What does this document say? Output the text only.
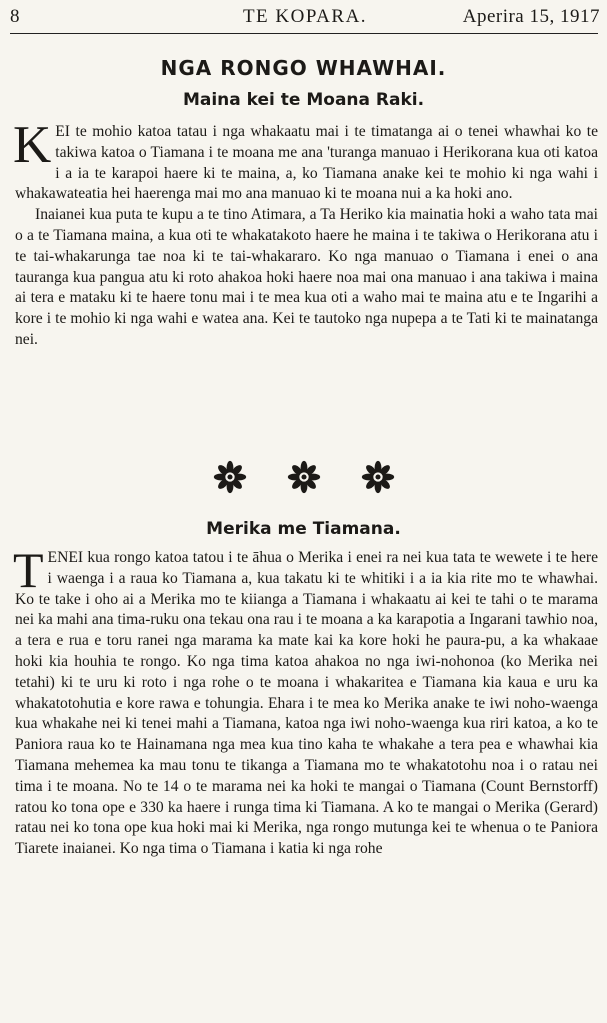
8	TE KOPARA.	Aperira 15, 1917
NGA RONGO WHAWHAI.
Maina kei te Moana Raki.

KEI te mohio katoa tatau i nga whakaatu mai i te timatanga ai o tenei whawhai ko te takiwa katoa o Tiamana i te moana me ana 'turanga manuao i Herikorana kua oti katoa i a ia te karapoi haere ki te maina, a, ko Tiamana anake kei te mohio ki nga wahi i whakawateatia hei haerenga mai mo ana manuao ki te moana nui a ka hoki ano.

Inaianei kua puta te kupu a te tino Atimara, a Ta Heriko kia mainatia hoki a waho tata mai o a te Tiamana maina, a kua oti te whakatakoto haere he maina i te takiwa o Herikorana atu i te tai-whakarunga tae noa ki te tai-whakararo. Ko nga manuao o Tiamana i enei o ana tauranga kua pangua atu ki roto ahakoa hoki haere noa mai ona manuao i ana takiwa i maina ai tera e mataku ki te haere tonu mai i te mea kua oti a waho mai te maina atu e te Ingarihi a kore i te mohio ki nga wahi e watea ana. Kei te tautoko nga nupepa a te Tati ki te mainatanga nei.

Merika me Tiamana.

TENEI kua rongo katoa tatou i te āhua o Merika i enei ra nei kua tata te wewete i te here i waenga i a raua ko Tiamana a, kua takatu ki te whitiki i a ia kia rite mo te whawhai. Ko te take i oho ai a Merika mo te kiianga a Tiamana i whakaatu ai kei te tahi o te marama nei ka mahi ana tima-ruku ona tekau ona rau i te moana a ka karapotia a Ingarani tawhio noa, a tera e rua e toru ranei nga marama ka mate kai ka kore hoki he paura-pu, a ka whakaae hoki kia houhia te rongo. Ko nga tima katoa ahakoa no nga iwi-nohonoa (ko Merika nei tetahi) ki te uru ki roto i nga rohe o te moana i whakaritea e Tiamana kia kaua e uru ka whakatotohutia e kore rawa e tohungia. Ehara i te mea ko Merika anake te iwi noho-waenga kua whakahe nei ki tenei mahi a Tiamana, katoa nga iwi noho-waenga kua riri katoa, a ko te Paniora raua ko te Hainamana nga mea kua tino kaha te whakahe a tera pea e whawhai kia Tiamana mehemea ka mau tonu te tikanga a Tiamana mo te whakatotohu noa i o ratau nei tima i te moana. No te 14 o te marama nei ka hoki te mangai o Tiamana (Count Bernstorff) ratou ko tona ope e 330 ka haere i runga tima ki Tiamana. A ko te mangai o Merika (Gerard) ratau nei ko tona ope kua hoki mai ki Merika, nga rongo mutunga kei te whenua o te Paniora Tiarete inaianei. Ko nga tima o Tiamana i katia ki nga rohe
